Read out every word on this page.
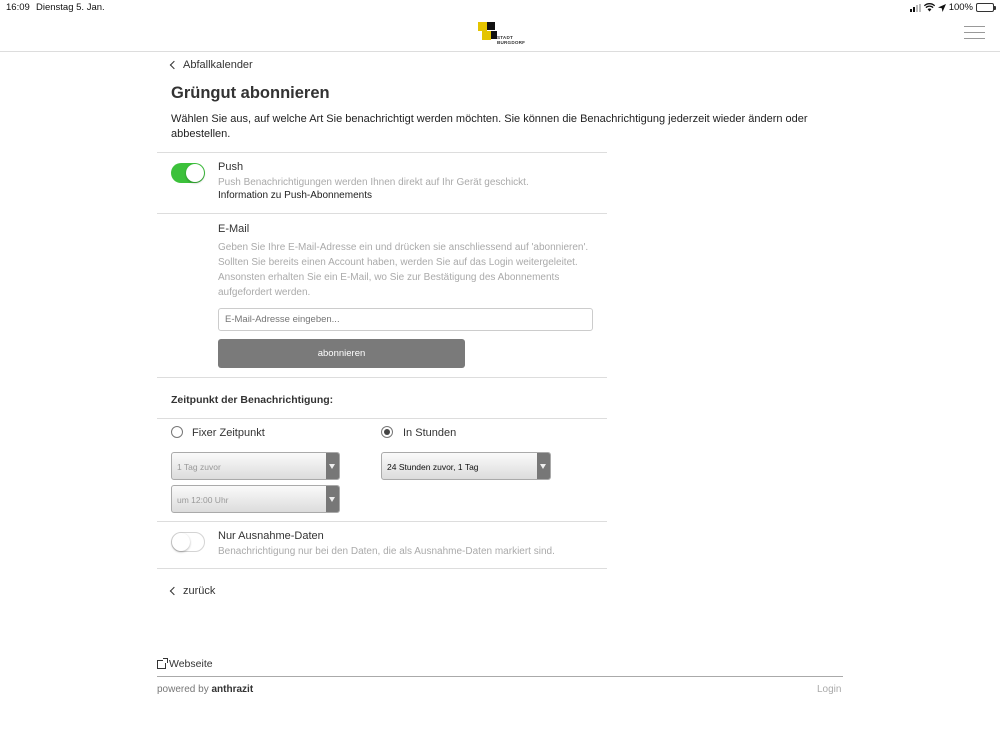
16:09 Dienstag 5. Jan.	100%
STADT
BURGDORF
Abfallkalender
Grüngut abonnieren

Wählen Sie aus, auf welche Art Sie benachrichtigt werden möchten. Sie können die Benachrichtigung jederzeit wieder ändern oder abbestellen.

Push
Push Benachrichtigungen werden Ihnen direkt auf Ihr Gerät geschickt.
Information zu Push-Abonnements
E-Mail
Geben Sie Ihre E-Mail-Adresse ein und drücken sie anschliessend auf 'abonnieren'. Sollten Sie bereits einen Account haben, werden Sie auf das Login weitergeleitet. Ansonsten erhalten Sie ein E-Mail, wo Sie zur Bestätigung des Abonnements aufgefordert werden.
E-Mail-Adresse eingeben...
abonnieren
Zeitpunkt der Benachrichtigung:
Fixer Zeitpunkt	In Stunden
1 Tag zuvor
um 12:00 Uhr
24 Stunden zuvor, 1 Tag
Nur Ausnahme-Daten
Benachrichtigung nur bei den Daten, die als Ausnahme-Daten markiert sind.
zurück
Webseite
powered by anthrazit	Login
